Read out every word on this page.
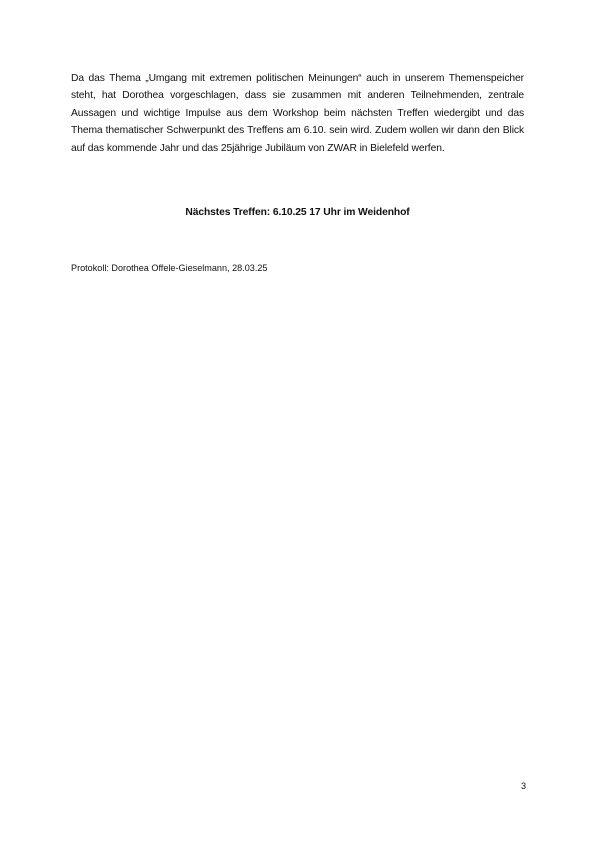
Da das Thema „Umgang mit extremen politischen Meinungen“ auch in unserem Themenspeicher steht, hat Dorothea vorgeschlagen, dass sie zusammen mit anderen Teilnehmenden, zentrale Aussagen und wichtige Impulse aus dem Workshop beim nächsten Treffen wiedergibt und das Thema thematischer Schwerpunkt des Treffens am 6.10. sein wird. Zudem wollen wir dann den Blick auf das kommende Jahr und das 25jährige Jubiläum von ZWAR in Bielefeld werfen.

Nächstes Treffen: 6.10.25 17 Uhr im Weidenhof

Protokoll: Dorothea Offele-Gieselmann, 28.03.25

3
